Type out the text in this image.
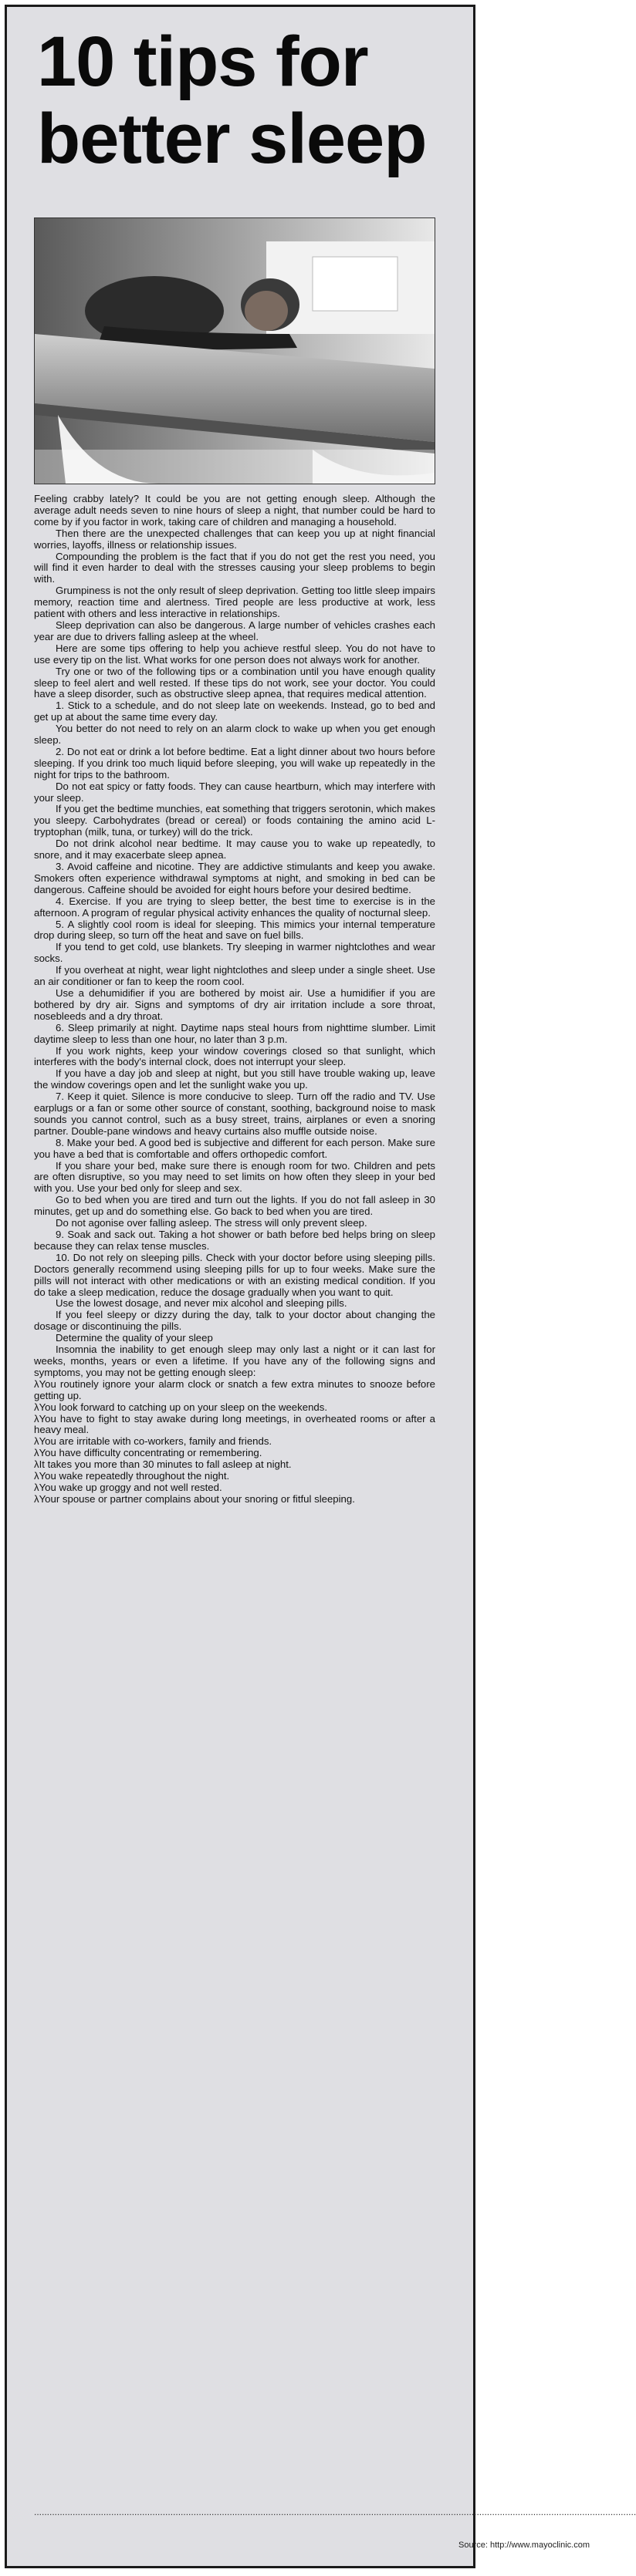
10 tips for better sleep

Feeling crabby lately? It could be you are not getting enough sleep. Although the average adult needs seven to nine hours of sleep a night, that number could be hard to come by if you factor in work, taking care of children and managing a household.

Then there are the unexpected challenges that can keep you up at night financial worries, layoffs, illness or relationship issues.

Compounding the problem is the fact that if you do not get the rest you need, you will find it even harder to deal with the stresses causing your sleep problems to begin with.

Grumpiness is not the only result of sleep deprivation. Getting too little sleep impairs memory, reaction time and alertness. Tired people are less productive at work, less patient with others and less interactive in relationships.

Sleep deprivation can also be dangerous. A large number of vehicles crashes each year are due to drivers falling asleep at the wheel.

Here are some tips offering to help you achieve restful sleep. You do not have to use every tip on the list. What works for one person does not always work for another.

Try one or two of the following tips or a combination until you have enough quality sleep to feel alert and well rested. If these tips do not work, see your doctor. You could have a sleep disorder, such as obstructive sleep apnea, that requires medical attention.

1. Stick to a schedule, and do not sleep late on weekends. Instead, go to bed and get up at about the same time every day.

You better do not need to rely on an alarm clock to wake up when you get enough sleep.

2. Do not eat or drink a lot before bedtime. Eat a light dinner about two hours before sleeping. If you drink too much liquid before sleeping, you will wake up repeatedly in the night for trips to the bathroom.

Do not eat spicy or fatty foods. They can cause heartburn, which may interfere with your sleep.

If you get the bedtime munchies, eat something that triggers serotonin, which makes you sleepy. Carbohydrates (bread or cereal) or foods containing the amino acid L-tryptophan (milk, tuna, or turkey) will do the trick.

Do not drink alcohol near bedtime. It may cause you to wake up repeatedly, to snore, and it may exacerbate sleep apnea.

3. Avoid caffeine and nicotine. They are addictive stimulants and keep you awake. Smokers often experience withdrawal symptoms at night, and smoking in bed can be dangerous. Caffeine should be avoided for eight hours before your desired bedtime.

4. Exercise. If you are trying to sleep better, the best time to exercise is in the afternoon. A program of regular physical activity enhances the quality of nocturnal sleep.

5. A slightly cool room is ideal for sleeping. This mimics your internal temperature drop during sleep, so turn off the heat and save on fuel bills.

If you tend to get cold, use blankets. Try sleeping in warmer nightclothes and wear socks.

If you overheat at night, wear light nightclothes and sleep under a single sheet. Use an air conditioner or fan to keep the room cool.

Use a dehumidifier if you are bothered by moist air. Use a humidifier if you are bothered by dry air. Signs and symptoms of dry air irritation include a sore throat, nosebleeds and a dry throat.

6. Sleep primarily at night. Daytime naps steal hours from nighttime slumber. Limit daytime sleep to less than one hour, no later than 3 p.m.

If you work nights, keep your window coverings closed so that sunlight, which interferes with the body's internal clock, does not interrupt your sleep.

If you have a day job and sleep at night, but you still have trouble waking up, leave the window coverings open and let the sunlight wake you up.

7. Keep it quiet. Silence is more conducive to sleep. Turn off the radio and TV. Use earplugs or a fan or some other source of constant, soothing, background noise to mask sounds you cannot control, such as a busy street, trains, airplanes or even a snoring partner. Double-pane windows and heavy curtains also muffle outside noise.

8. Make your bed. A good bed is subjective and different for each person. Make sure you have a bed that is comfortable and offers orthopedic comfort.

If you share your bed, make sure there is enough room for two. Children and pets are often disruptive, so you may need to set limits on how often they sleep in your bed with you. Use your bed only for sleep and sex.

Go to bed when you are tired and turn out the lights. If you do not fall asleep in 30 minutes, get up and do something else. Go back to bed when you are tired.

Do not agonise over falling asleep. The stress will only prevent sleep.

9. Soak and sack out. Taking a hot shower or bath before bed helps bring on sleep because they can relax tense muscles.

10. Do not rely on sleeping pills. Check with your doctor before using sleeping pills. Doctors generally recommend using sleeping pills for up to four weeks. Make sure the pills will not interact with other medications or with an existing medical condition. If you do take a sleep medication, reduce the dosage gradually when you want to quit.

Use the lowest dosage, and never mix alcohol and sleeping pills.

If you feel sleepy or dizzy during the day, talk to your doctor about changing the dosage or discontinuing the pills.

Determine the quality of your sleep

Insomnia the inability to get enough sleep may only last a night or it can last for weeks, months, years or even a lifetime. If you have any of the following signs and symptoms, you may not be getting enough sleep:

λYou routinely ignore your alarm clock or snatch a few extra minutes to snooze before getting up.

λYou look forward to catching up on your sleep on the weekends.

λYou have to fight to stay awake during long meetings, in overheated rooms or after a heavy meal.

λYou are irritable with co-workers, family and friends.

λYou have difficulty concentrating or remembering.

λIt takes you more than 30 minutes to fall asleep at night.

λYou wake repeatedly throughout the night.

λYou wake up groggy and not well rested.

λYour spouse or partner complains about your snoring or fitful sleeping.

..........................................................................................................................................................................................................................................
Source: http://www.mayoclinic.com
